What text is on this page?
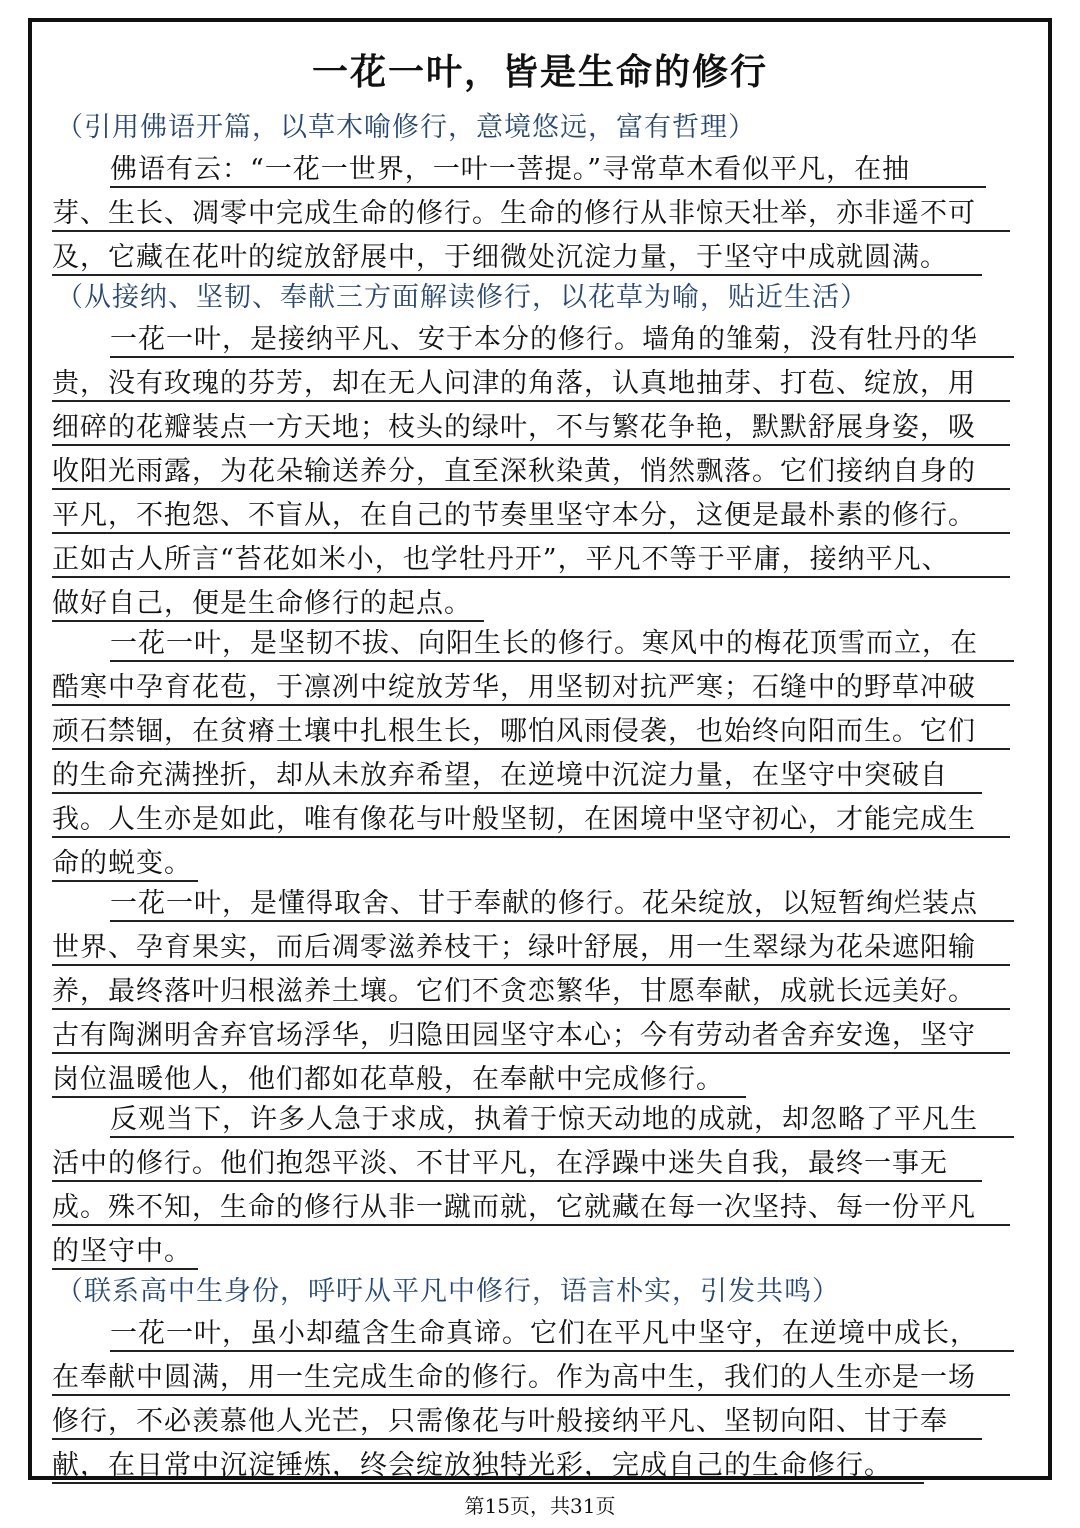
一花一叶，皆是生命的修行
（引用佛语开篇，以草木喻修行，意境悠远，富有哲理）
佛语有云：“一花一世界，一叶一菩提。”寻常草木看似平凡，在抽
芽、生长、凋零中完成生命的修行。生命的修行从非惊天壮举，亦非遥不可
及，它藏在花叶的绽放舒展中，于细微处沉淀力量，于坚守中成就圆满。
（从接纳、坚韧、奉献三方面解读修行，以花草为喻，贴近生活）
一花一叶，是接纳平凡、安于本分的修行。墙角的雏菊，没有牡丹的华
贵，没有玫瑰的芬芳，却在无人问津的角落，认真地抽芽、打苞、绽放，用
细碎的花瓣装点一方天地；枝头的绿叶，不与繁花争艳，默默舒展身姿，吸
收阳光雨露，为花朵输送养分，直至深秋染黄，悄然飘落。它们接纳自身的
平凡，不抱怨、不盲从，在自己的节奏里坚守本分，这便是最朴素的修行。
正如古人所言“苔花如米小，也学牡丹开”，平凡不等于平庸，接纳平凡、
做好自己，便是生命修行的起点。
一花一叶，是坚韧不拔、向阳生长的修行。寒风中的梅花顶雪而立，在
酷寒中孕育花苞，于凛冽中绽放芳华，用坚韧对抗严寒；石缝中的野草冲破
顽石禁锢，在贫瘠土壤中扎根生长，哪怕风雨侵袭，也始终向阳而生。它们
的生命充满挫折，却从未放弃希望，在逆境中沉淀力量，在坚守中突破自
我。人生亦是如此，唯有像花与叶般坚韧，在困境中坚守初心，才能完成生
命的蜕变。
一花一叶，是懂得取舍、甘于奉献的修行。花朵绽放，以短暂绚烂装点
世界、孕育果实，而后凋零滋养枝干；绿叶舒展，用一生翠绿为花朵遮阳输
养，最终落叶归根滋养土壤。它们不贪恋繁华，甘愿奉献，成就长远美好。
古有陶渊明舍弃官场浮华，归隐田园坚守本心；今有劳动者舍弃安逸，坚守
岗位温暖他人，他们都如花草般，在奉献中完成修行。
反观当下，许多人急于求成，执着于惊天动地的成就，却忽略了平凡生
活中的修行。他们抱怨平淡、不甘平凡，在浮躁中迷失自我，最终一事无
成。殊不知，生命的修行从非一蹴而就，它就藏在每一次坚持、每一份平凡
的坚守中。
（联系高中生身份，呼吁从平凡中修行，语言朴实，引发共鸣）
一花一叶，虽小却蕴含生命真谛。它们在平凡中坚守，在逆境中成长，
在奉献中圆满，用一生完成生命的修行。作为高中生，我们的人生亦是一场
修行，不必羡慕他人光芒，只需像花与叶般接纳平凡、坚韧向阳、甘于奉
献，在日常中沉淀锤炼，终会绽放独特光彩，完成自己的生命修行。
第15页，共31页
